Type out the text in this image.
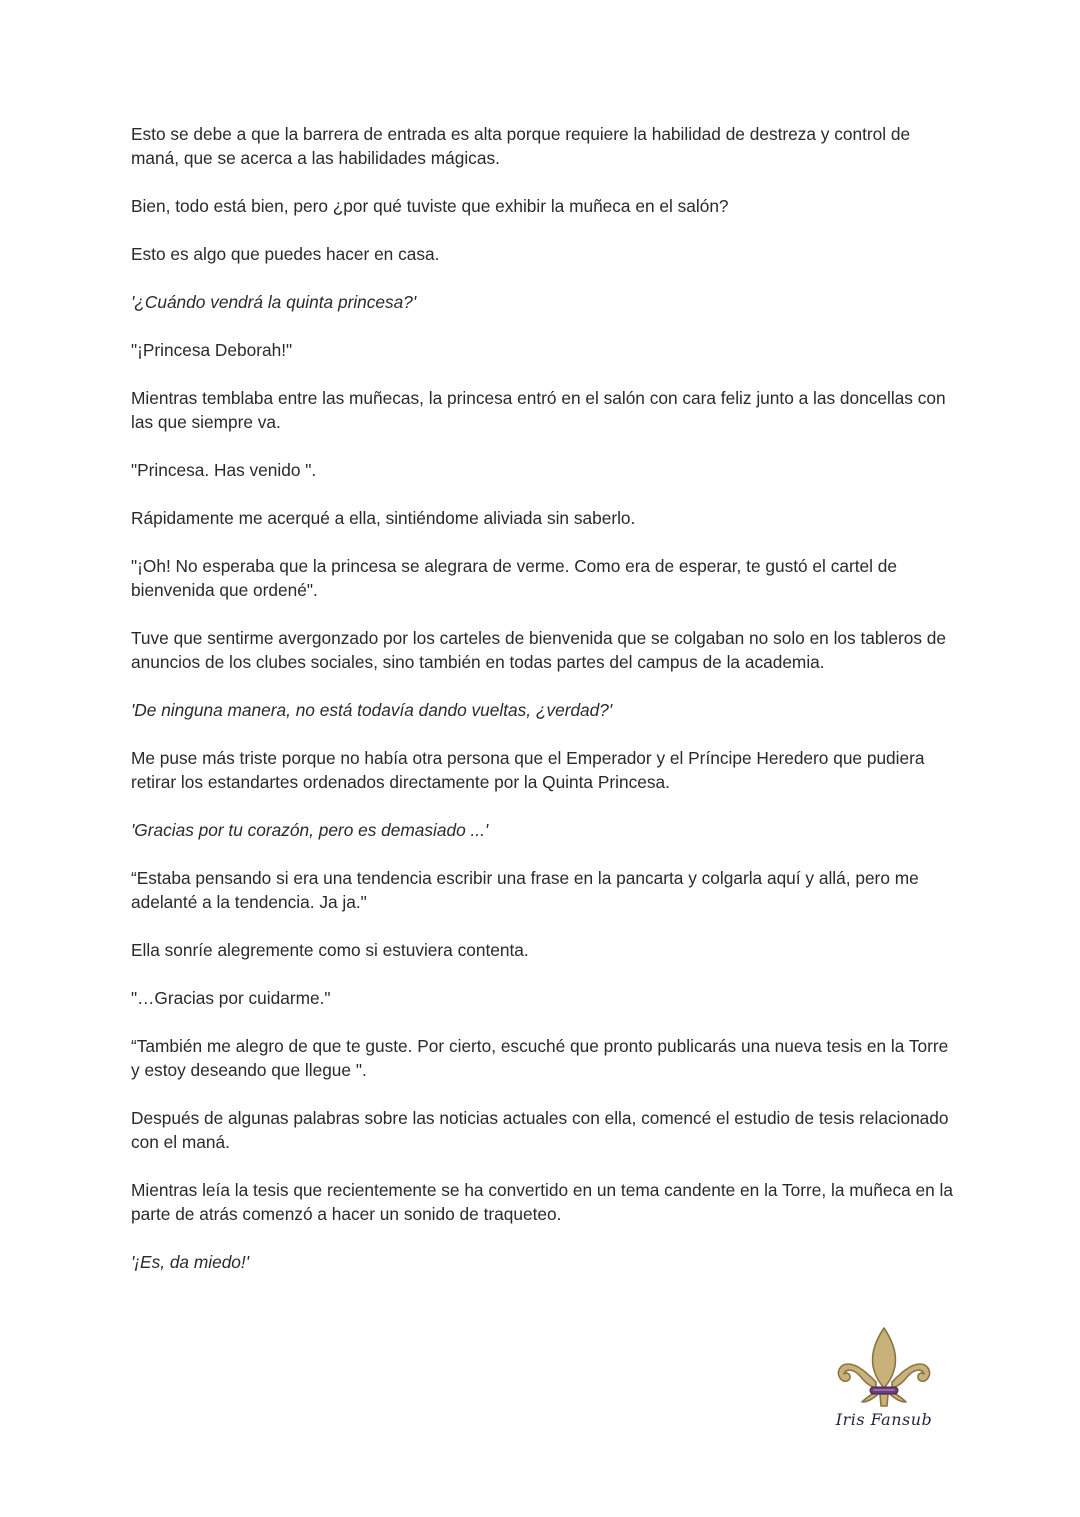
Esto se debe a que la barrera de entrada es alta porque requiere la habilidad de destreza y control de maná, que se acerca a las habilidades mágicas.

Bien, todo está bien, pero ¿por qué tuviste que exhibir la muñeca en el salón?

Esto es algo que puedes hacer en casa.

'¿Cuándo vendrá la quinta princesa?'

"¡Princesa Deborah!"

Mientras temblaba entre las muñecas, la princesa entró en el salón con cara feliz junto a las doncellas con las que siempre va.

"Princesa. Has venido ".

Rápidamente me acerqué a ella, sintiéndome aliviada sin saberlo.

"¡Oh! No esperaba que la princesa se alegrara de verme. Como era de esperar, te gustó el cartel de bienvenida que ordené".

Tuve que sentirme avergonzado por los carteles de bienvenida que se colgaban no solo en los tableros de anuncios de los clubes sociales, sino también en todas partes del campus de la academia.

'De ninguna manera, no está todavía dando vueltas, ¿verdad?'

Me puse más triste porque no había otra persona que el Emperador y el Príncipe Heredero que pudiera retirar los estandartes ordenados directamente por la Quinta Princesa.

'Gracias por tu corazón, pero es demasiado ...'

“Estaba pensando si era una tendencia escribir una frase en la pancarta y colgarla aquí y allá, pero me adelanté a la tendencia. Ja ja."

Ella sonríe alegremente como si estuviera contenta.

"…Gracias por cuidarme."

“También me alegro de que te guste. Por cierto, escuché que pronto publicarás una nueva tesis en la Torre y estoy deseando que llegue ".

Después de algunas palabras sobre las noticias actuales con ella, comencé el estudio de tesis relacionado con el maná.

Mientras leía la tesis que recientemente se ha convertido en un tema candente en la Torre, la muñeca en la parte de atrás comenzó a hacer un sonido de traqueteo.

'¡Es, da miedo!'

Iris Fansub
